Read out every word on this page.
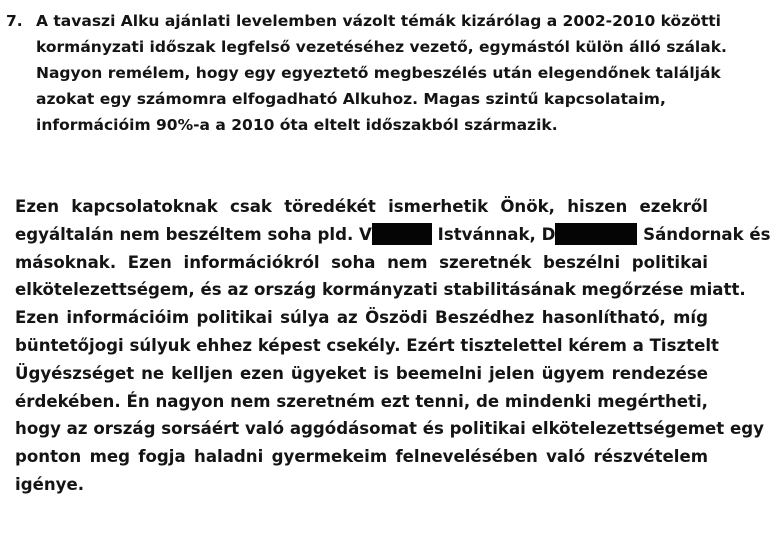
7. A tavaszi Alku ajánlati levelemben vázolt témák kizárólag a 2002-2010 közötti
kormányzati időszak legfelső vezetéséhez vezető, egymástól külön álló szálak.
Nagyon remélem, hogy egy egyeztető megbeszélés után elegendőnek találják
azokat egy számomra elfogadható Alkuhoz. Magas szintű kapcsolataim,
információim 90%-a a 2010 óta eltelt időszakból származik.
Ezen kapcsolatoknak csak töredékét ismerhetik Önök, hiszen ezekről
egyáltalán nem beszéltem soha pld. V	Istvánnak, D	Sándornak és
másoknak. Ezen információkról soha nem szeretnék beszélni politikai
elkötelezettségem, és az ország kormányzati stabilitásának megőrzése miatt.
Ezen információim politikai súlya az Öszödi Beszédhez hasonlítható, míg
büntetőjogi súlyuk ehhez képest csekély. Ezért tisztelettel kérem a Tisztelt
Ügyészséget ne kelljen ezen ügyeket is beemelni jelen ügyem rendezése
érdekében. Én nagyon nem szeretném ezt tenni, de mindenki megértheti,
hogy az ország sorsáért való aggódásomat és politikai elkötelezettségemet egy
ponton meg fogja haladni gyermekeim felnevelésében való részvételem
igénye.
